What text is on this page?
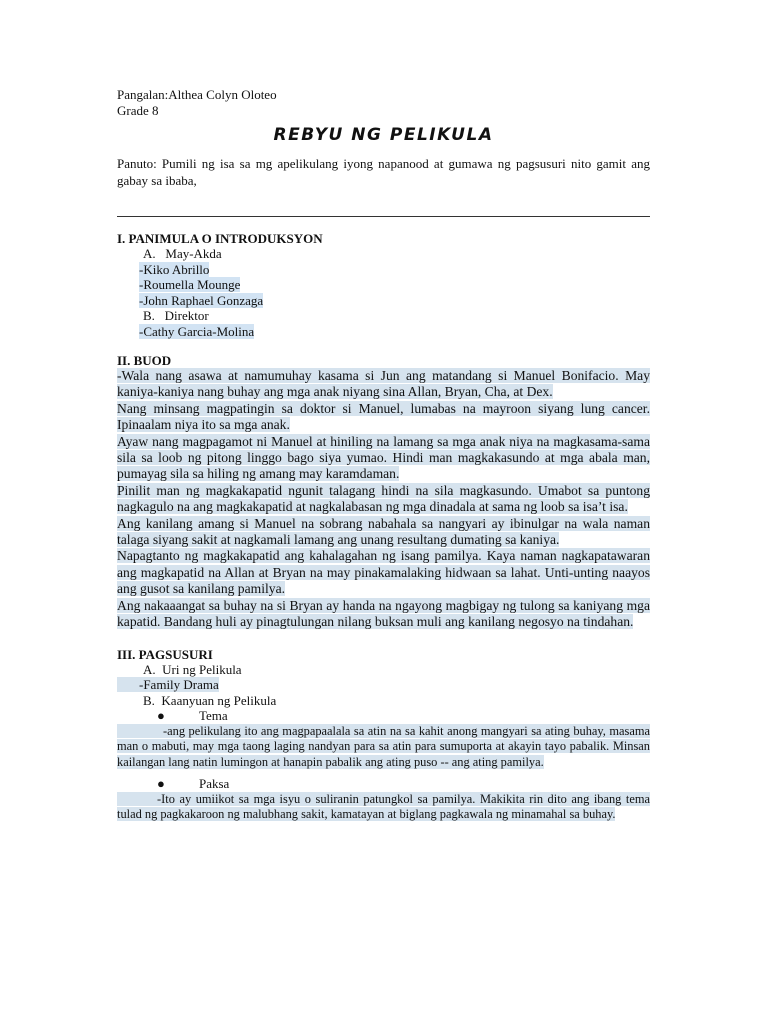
Pangalan:Althea Colyn Oloteo
Grade 8
REBYU NG PELIKULA
Panuto: Pumili ng isa sa mg apelikulang iyong napanood at gumawa ng pagsusuri nito gamit ang gabay sa ibaba,
I. PANIMULA O INTRODUKSYON
A.   May-Akda
-Kiko Abrillo
-Roumella Mounge
-John Raphael Gonzaga
B.   Direktor
-Cathy Garcia-Molina
II. BUOD

-Wala nang asawa at namumuhay kasama si Jun ang matandang si Manuel Bonifacio. May kaniya-kaniya nang buhay ang mga anak niyang sina Allan, Bryan, Cha, at Dex.

Nang minsang magpatingin sa doktor si Manuel, lumabas na mayroon siyang lung cancer. Ipinaalam niya ito sa mga anak.

Ayaw nang magpagamot ni Manuel at hiniling na lamang sa mga anak niya na magkasama-sama sila sa loob ng pitong linggo bago siya yumao. Hindi man magkakasundo at mga abala man, pumayag sila sa hiling ng amang may karamdaman.

Pinilit man ng magkakapatid ngunit talagang hindi na sila magkasundo. Umabot sa puntong nagkagulo na ang magkakapatid at nagkalabasan ng mga dinadala at sama ng loob sa isa’t isa.

Ang kanilang amang si Manuel na sobrang nabahala sa nangyari ay ibinulgar na wala naman talaga siyang sakit at nagkamali lamang ang unang resultang dumating sa kaniya.

Napagtanto ng magkakapatid ang kahalagahan ng isang pamilya. Kaya naman nagkapatawaran ang magkapatid na Allan at Bryan na may pinakamalaking hidwaan sa lahat. Unti-unting naayos ang gusot sa kanilang pamilya.

Ang nakaaangat sa buhay na si Bryan ay handa na ngayong magbigay ng tulong sa kaniyang mga kapatid. Bandang huli ay pinagtulungan nilang buksan muli ang kanilang negosyo na tindahan.

III. PAGSUSURI
A.  Uri ng Pelikula
-Family Drama
B.  Kaanyuan ng Pelikula
●	Tema

-ang pelikulang ito ang magpapaalala sa atin na sa kahit anong mangyari sa ating buhay, masama man o mabuti, may mga taong laging nandyan para sa atin para sumuporta at akayin tayo pabalik. Minsan kailangan lang natin lumingon at hanapin pabalik ang ating puso -- ang ating pamilya.

●	Paksa

-Ito ay umiikot sa mga isyu o suliranin patungkol sa pamilya. Makikita rin dito ang ibang tema tulad ng pagkakaroon ng malubhang sakit, kamatayan at biglang pagkawala ng minamahal sa buhay.
